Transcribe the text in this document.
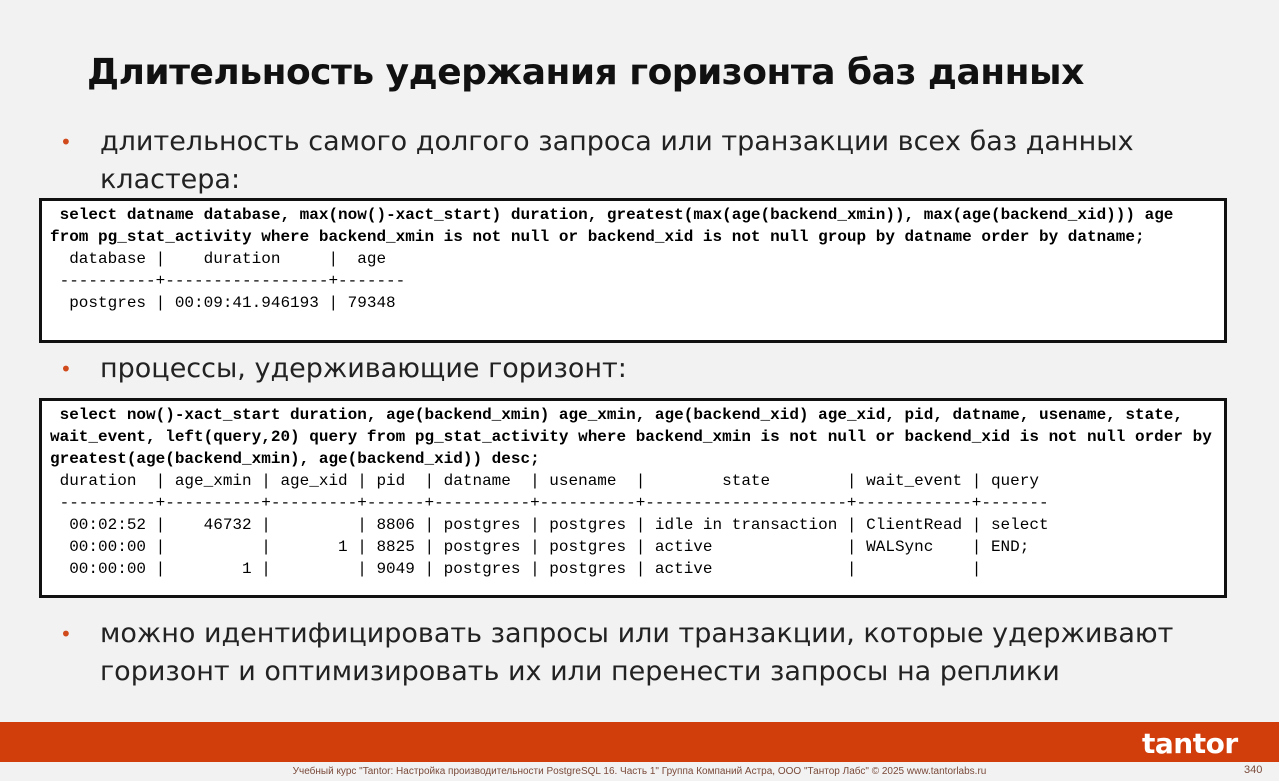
Длительность удержания горизонта баз данных
• длительность самого долгого запроса или транзакции всех баз данных кластера:
select datname database, max(now()-xact_start) duration, greatest(max(age(backend_xmin)), max(age(backend_xid))) age from pg_stat_activity where backend_xmin is not null or backend_xid is not null group by datname order by datname;
database |    duration     |  age
----------+-----------------+-------
postgres | 00:09:41.946193 | 79348
• процессы, удерживающие горизонт:
select now()-xact_start duration, age(backend_xmin) age_xmin, age(backend_xid) age_xid, pid, datname, usename, state, wait_event, left(query,20) query from pg_stat_activity where backend_xmin is not null or backend_xid is not null order by greatest(age(backend_xmin), age(backend_xid)) desc;
duration  | age_xmin | age_xid | pid  | datname  | usename  |        state        | wait_event | query
----------+----------+---------+------+----------+----------+---------------------+------------+-------
00:02:52 |    46732 |         | 8806 | postgres | postgres | idle in transaction | ClientRead | select
00:00:00 |          |       1 | 8825 | postgres | postgres | active              | WALSync    | END;
00:00:00 |        1 |         | 9049 | postgres | postgres | active              |            |
• можно идентифицировать запросы или транзакции, которые удерживают горизонт и оптимизировать их или перенести запросы на реплики
tantor
Учебный курс "Tantor: Настройка производительности PostgreSQL 16. Часть 1" Группа Компаний Астра, ООО "Тантор Лабс" © 2025 www.tantorlabs.ru	340
